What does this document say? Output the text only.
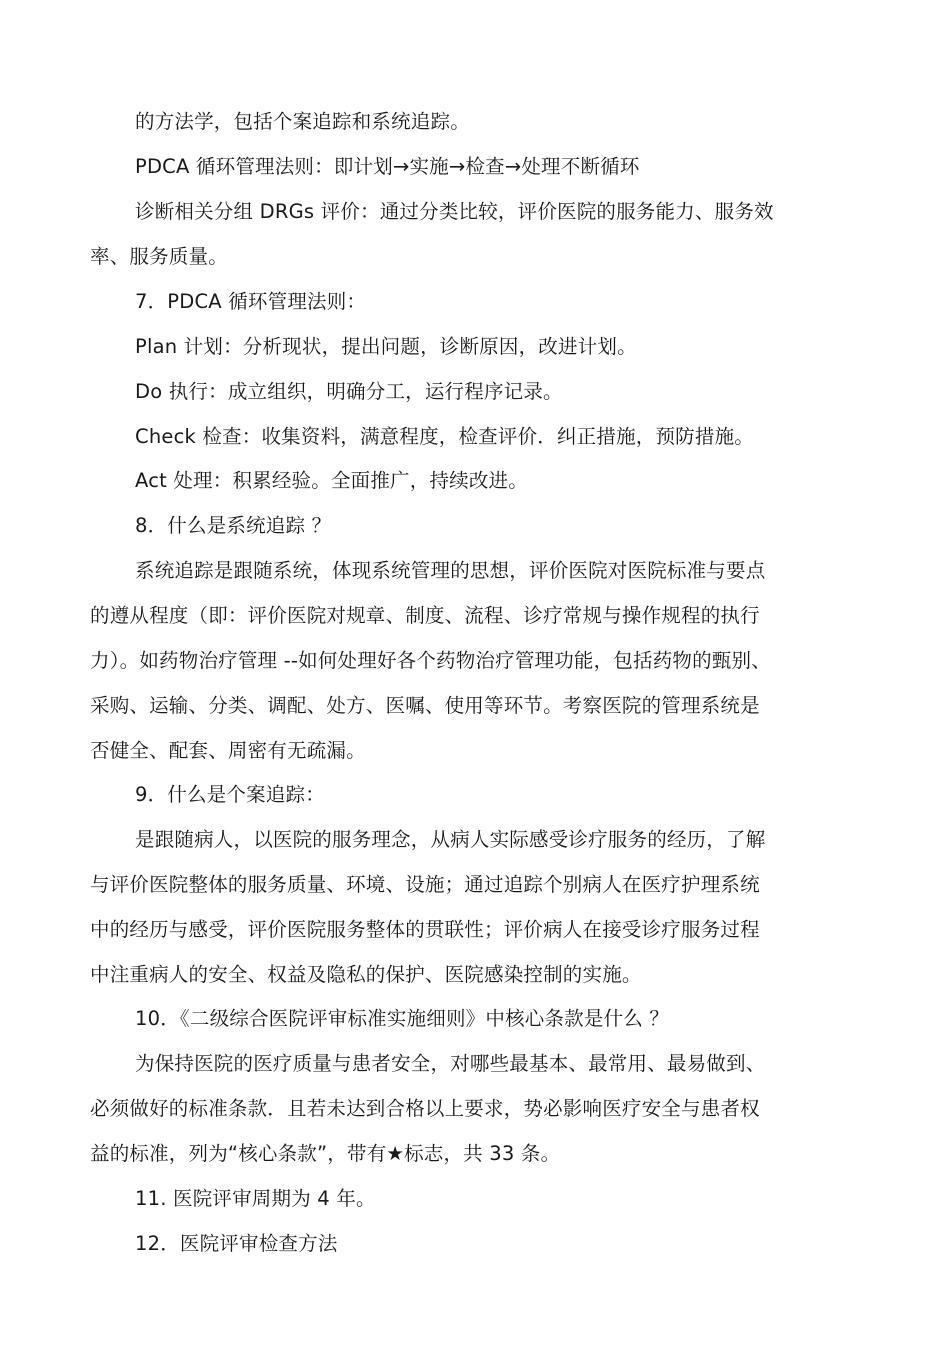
的方法学，包括个案追踪和系统追踪。
PDCA 循环管理法则：即计划→实施→检查→处理不断循环
诊断相关分组 DRGs 评价：通过分类比较，评价医院的服务能力、服务效
率、服务质量。
7．PDCA 循环管理法则：
Plan 计划：分析现状，提出问题，诊断原因，改进计划。
Do 执行：成立组织，明确分工，运行程序记录。
Check 检查：收集资料，满意程度，检查评价．纠正措施，预防措施。
Act 处理：积累经验。全面推广，持续改进。
8．什么是系统追踪 ？
系统追踪是跟随系统，体现系统管理的思想，评价医院对医院标准与要点
的遵从程度（即：评价医院对规章、制度、流程、诊疗常规与操作规程的执行
力）。如药物治疗管理 --如何处理好各个药物治疗管理功能，包括药物的甄别、
采购、运输、分类、调配、处方、医嘱、使用等环节。考察医院的管理系统是
否健全、配套、周密有无疏漏。
9．什么是个案追踪：
是跟随病人，以医院的服务理念，从病人实际感受诊疗服务的经历，了解
与评价医院整体的服务质量、环境、设施；通过追踪个别病人在医疗护理系统
中的经历与感受，评价医院服务整体的贯联性；评价病人在接受诊疗服务过程
中注重病人的安全、权益及隐私的保护、医院感染控制的实施。
10．《二级综合医院评审标准实施细则》中核心条款是什么 ？
为保持医院的医疗质量与患者安全，对哪些最基本、最常用、最易做到、
必须做好的标准条款．且若未达到合格以上要求，势必影响医疗安全与患者权
益的标准，列为“核心条款”，带有★标志，共 33 条。
11. 医院评审周期为 4 年。
12．医院评审检查方法
